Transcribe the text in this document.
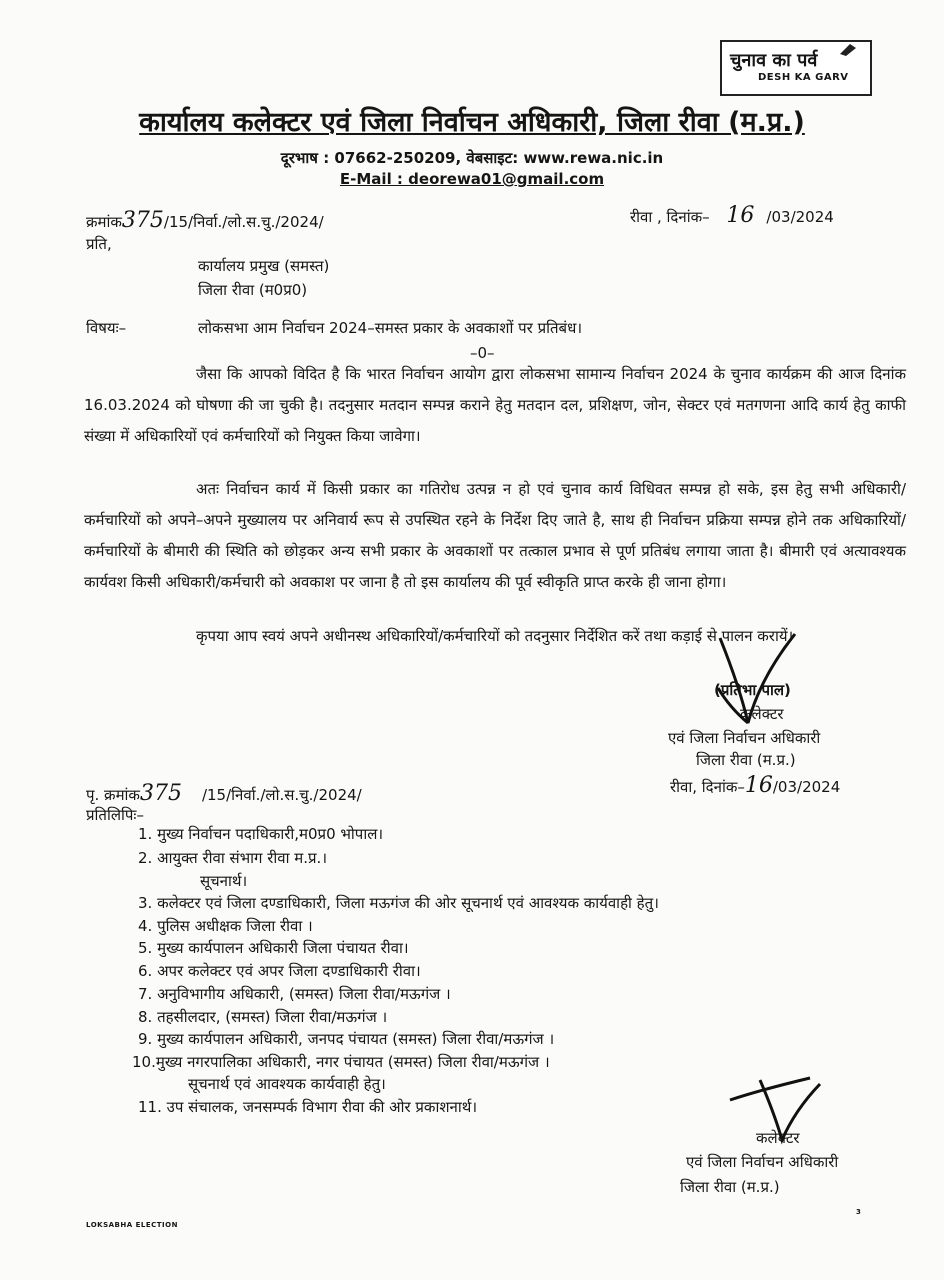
चुनाव का पर्व
DESH KA GARV
कार्यालय कलेक्टर एवं जिला निर्वाचन अधिकारी, जिला रीवा (म.प्र.)
दूरभाष : 07662-250209, वेबसाइट: www.rewa.nic.in
E-Mail : deorewa01@gmail.com
क्रमांक375/15/निर्वा./लो.स.चु./2024/	रीवा , दिनांक– 16 /03/2024
प्रति,
कार्यालय प्रमुख (समस्त)
जिला रीवा (म0प्र0)
विषयः–	लोकसभा आम निर्वाचन 2024–समस्त प्रकार के अवकाशों पर प्रतिबंध।
–0–
जैसा कि आपको विदित है कि भारत निर्वाचन आयोग द्वारा लोकसभा सामान्य निर्वाचन 2024 के चुनाव कार्यक्रम की आज दिनांक 16.03.2024 को घोषणा की जा चुकी है। तदनुसार मतदान सम्पन्न कराने हेतु मतदान दल, प्रशिक्षण, जोन, सेक्टर एवं मतगणना आदि कार्य हेतु काफी संख्या में अधिकारियों एवं कर्मचारियों को नियुक्त किया जावेगा।
अतः निर्वाचन कार्य में किसी प्रकार का गतिरोध उत्पन्न न हो एवं चुनाव कार्य विधिवत सम्पन्न हो सके, इस हेतु सभी अधिकारी/कर्मचारियों को अपने–अपने मुख्यालय पर अनिवार्य रूप से उपस्थित रहने के निर्देश दिए जाते है, साथ ही निर्वाचन प्रक्रिया सम्पन्न होने तक अधिकारियों/कर्मचारियों के बीमारी की स्थिति को छोड़कर अन्य सभी प्रकार के अवकाशों पर तत्काल प्रभाव से पूर्ण प्रतिबंध लगाया जाता है। बीमारी एवं अत्यावश्यक कार्यवश किसी अधिकारी/कर्मचारी को अवकाश पर जाना है तो इस कार्यालय की पूर्व स्वीकृति प्राप्त करके ही जाना होगा।
कृपया आप स्वयं अपने अधीनस्थ अधिकारियों/कर्मचारियों को तदनुसार निर्देशित करें तथा कड़ाई से पालन करायें।
(प्रतिभा पाल)
कलेक्टर
एवं जिला निर्वाचन अधिकारी
जिला रीवा (म.प्र.)
रीवा, दिनांक–16/03/2024
पृ. क्रमांक375 /15/निर्वा./लो.स.चु./2024/
प्रतिलिपिः–
1. मुख्य निर्वाचन पदाधिकारी,म0प्र0 भोपाल।
2. आयुक्त रीवा संभाग रीवा म.प्र.।
सूचनार्थ।
3. कलेक्टर एवं जिला दण्डाधिकारी, जिला मऊगंज की ओर सूचनार्थ एवं आवश्यक कार्यवाही हेतु।
4. पुलिस अधीक्षक जिला रीवा ।
5. मुख्य कार्यपालन अधिकारी जिला पंचायत रीवा।
6. अपर कलेक्टर एवं अपर जिला दण्डाधिकारी रीवा।
7. अनुविभागीय अधिकारी, (समस्त) जिला रीवा/मऊगंज ।
8. तहसीलदार, (समस्त) जिला रीवा/मऊगंज ।
9. मुख्य कार्यपालन अधिकारी, जनपद पंचायत (समस्त) जिला रीवा/मऊगंज ।
10.मुख्य नगरपालिका अधिकारी, नगर पंचायत (समस्त) जिला रीवा/मऊगंज ।
सूचनार्थ एवं आवश्यक कार्यवाही हेतु।
11. उप संचालक, जनसम्पर्क विभाग रीवा की ओर प्रकाशनार्थ।
कलेक्टर
एवं जिला निर्वाचन अधिकारी
जिला रीवा (म.प्र.)
LOKSABHA ELECTION
3
